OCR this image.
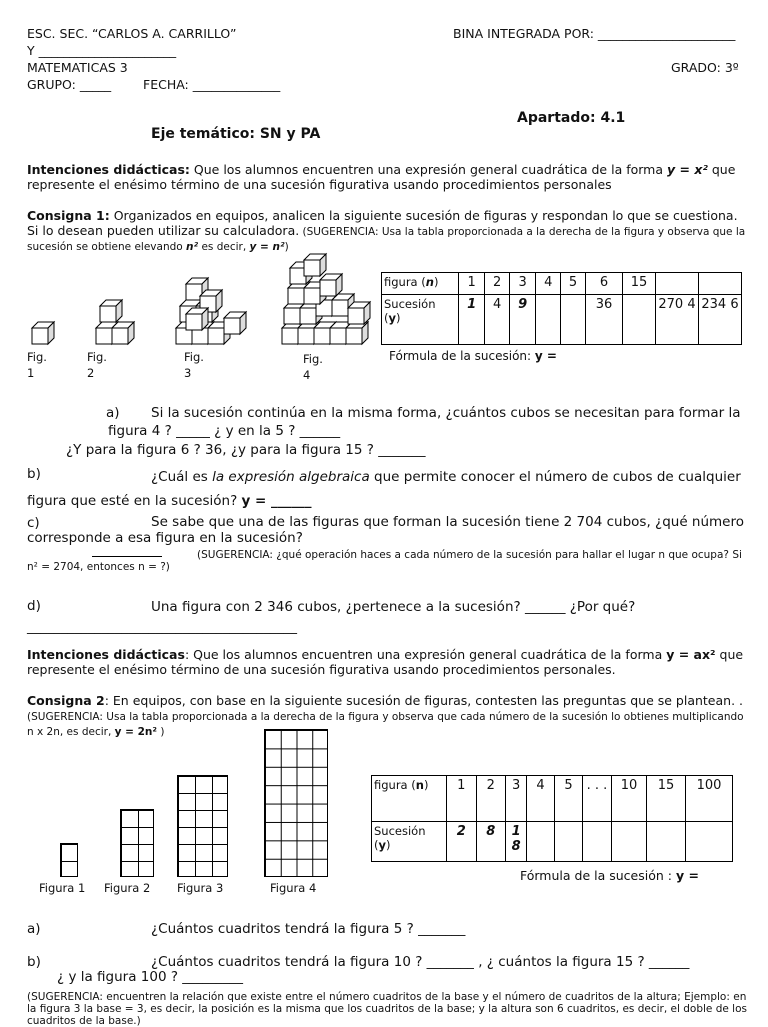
ESC. SEC. “CARLOS A. CARRILLO”	BINA INTEGRADA POR: ______________________
Y ______________________
MATEMATICAS 3	GRADO: 3º
GRUPO: _____	FECHA: ______________
Apartado: 4.1
Eje temático: SN y PA
Intenciones didácticas: Que los alumnos encuentren una expresión general cuadrática de la forma y = x² que represente el enésimo término de una sucesión figurativa usando procedimientos personales
Consigna 1: Organizados en equipos, analicen la siguiente sucesión de figuras y respondan lo que se cuestiona. Si lo desean pueden utilizar su calculadora. (SUGERENCIA: Usa la tabla proporcionada a la derecha de la figura y observa que la sucesión se obtiene elevando n² es decir, y = n²)
Fig.
1
Fig.
2
Fig.
3
Fig.
4
figura (n)	1	2	3	4	5	6	15		
Sucesión
(y)	1	4	9			36		270 4	234 6
Fórmula de la sucesión: y =
a)	Si la sucesión continúa en la misma forma, ¿cuántos cubos se necesitan para formar la figura 4 ? _____ ¿ y en la 5 ? ______
¿Y para la figura 6 ? 36, ¿y para la figura 15 ? _______
b)	¿Cuál es la expresión algebraica que permite conocer el número de cubos de cualquier figura que esté en la sucesión? y = ______
c)	Se sabe que una de las figuras que forman la sucesión tiene 2 704 cubos, ¿qué número corresponde a esa figura en la sucesión?
(SUGERENCIA: ¿qué operación haces a cada número de la sucesión para hallar el lugar n que ocupa? Si n² = 2704, entonces n = ?)
d)	Una figura con 2 346 cubos, ¿pertenece a la sucesión? ______ ¿Por qué? ________________________________________
Intenciones didácticas: Que los alumnos encuentren una expresión general cuadrática de la forma y = ax² que represente el enésimo término de una sucesión figurativa usando procedimientos personales.
Consigna 2: En equipos, con base en la siguiente sucesión de figuras, contesten las preguntas que se plantean. .
(SUGERENCIA: Usa la tabla proporcionada a la derecha de la figura y observa que cada número de la sucesión lo obtienes multiplicando n x 2n, es decir, y = 2n² )
Figura 1 Figura 2 Figura 3	Figura 4
figura (n)	1	2	3	4	5	. . .	10	15	100
Sucesión
(y)	2	8	1 8						
Fórmula de la sucesión : y =
a)	¿Cuántos cuadritos tendrá la figura 5 ? _______
b)	¿Cuántos cuadritos tendrá la figura 10 ? _______ , ¿ cuántos la figura 15 ? ______
¿ y la figura 100 ? _________
(SUGERENCIA: encuentren la relación que existe entre el número cuadritos de la base y el número de cuadritos de la altura; Ejemplo: en la figura 3 la base = 3, es decir, la posición es la misma que los cuadritos de la base; y la altura son 6 cuadritos, es decir, el doble de los cuadritos de la base.)
